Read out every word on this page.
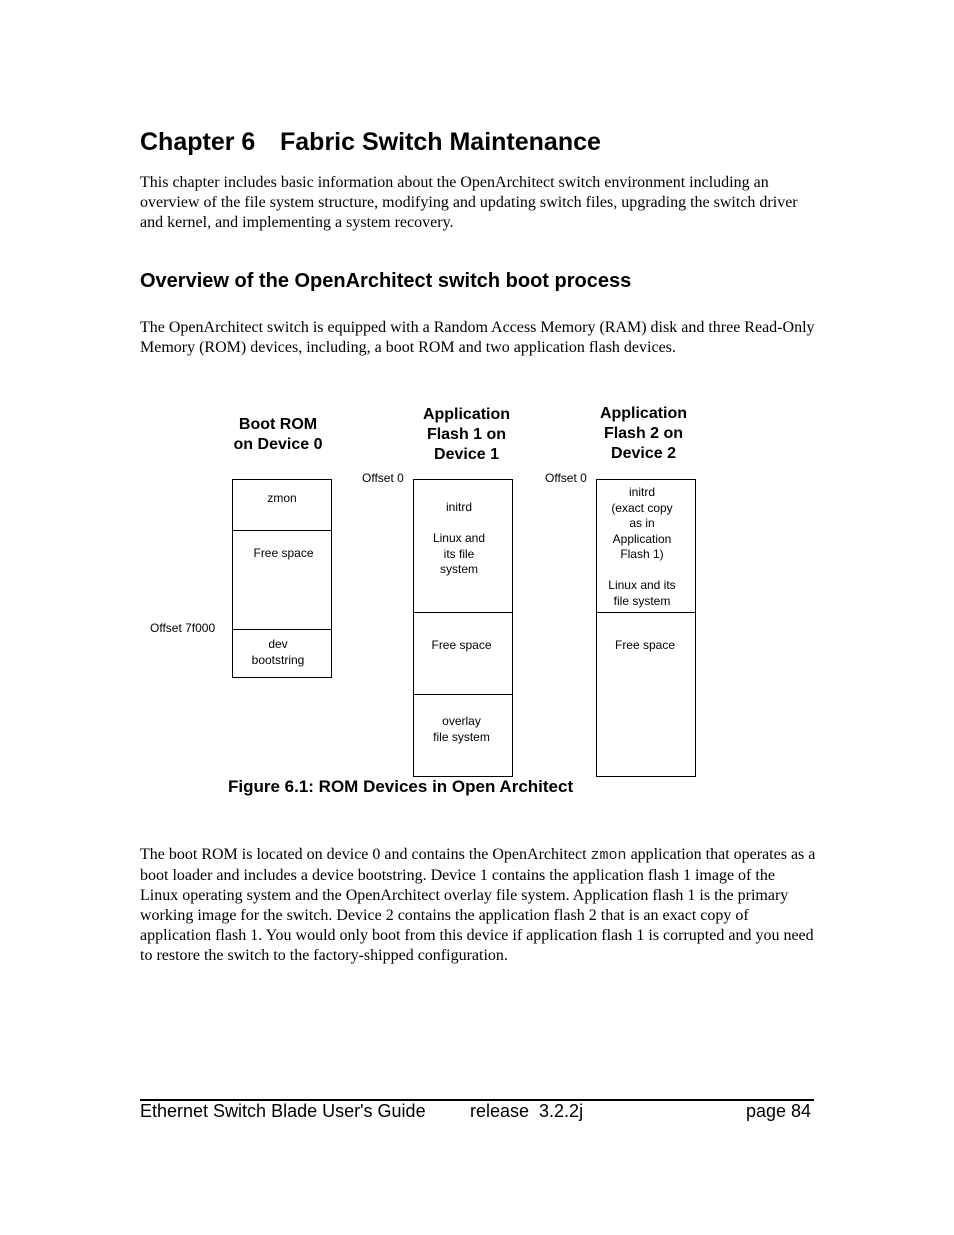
Chapter 6 Fabric Switch Maintenance

This chapter includes basic information about the OpenArchitect switch environment including an overview of the file system structure, modifying and updating switch files, upgrading the switch driver and kernel, and implementing a system recovery.

Overview of the OpenArchitect switch boot process

The OpenArchitect switch is equipped with a Random Access Memory (RAM) disk and three Read-Only Memory (ROM) devices, including, a boot ROM and two application flash devices.

Boot ROM
on Device 0

zmon
Free space
dev
bootstring
Offset 7f000

Application
Flash 1 on
Device 1

Offset 0
initrd

Linux and
its file
system
Free space
overlay
file system

Application
Flash 2 on
Device 2

Offset 0
initrd
(exact copy
as in
Application
Flash 1)

Linux and its
file system
Free space

Figure 6.1: ROM Devices in Open Architect

The boot ROM is located on device 0 and contains the OpenArchitect zmon application that operates as a boot loader and includes a device bootstring. Device 1 contains the application flash 1 image of the Linux operating system and the OpenArchitect overlay file system. Application flash 1 is the primary working image for the switch. Device 2 contains the application flash 2 that is an exact copy of application flash 1. You would only boot from this device if application flash 1 is corrupted and you need to restore the switch to the factory-shipped configuration.

Ethernet Switch Blade User's Guide release  3.2.2j	page 84
